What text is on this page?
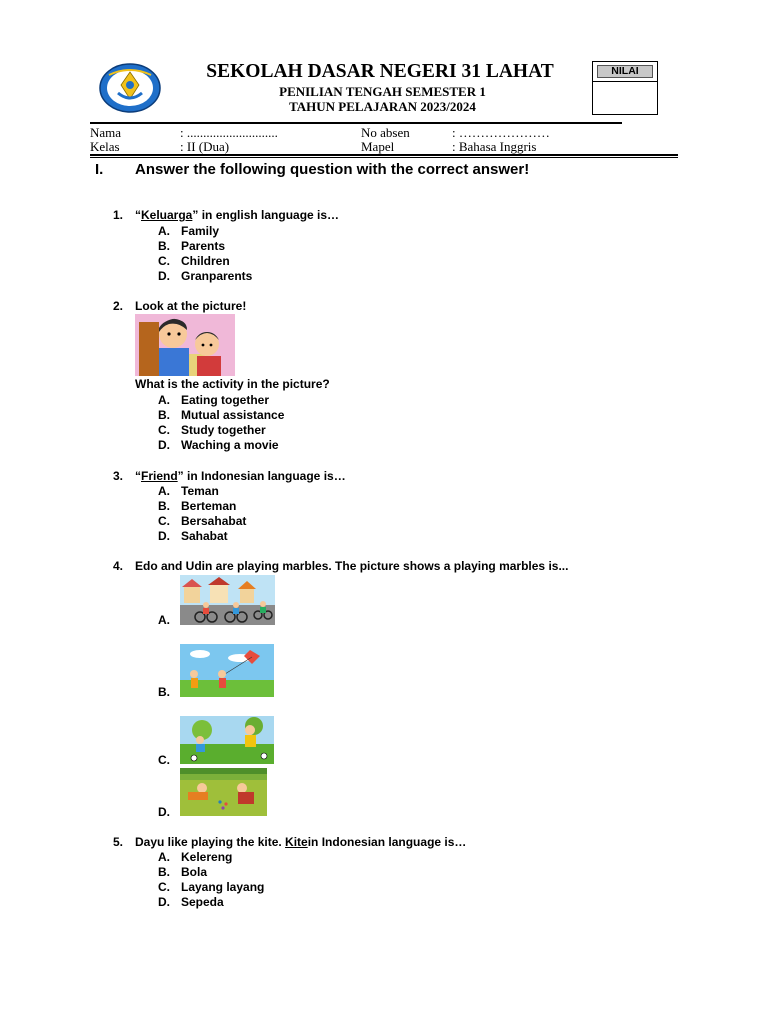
SEKOLAH DASAR NEGERI 31 LAHAT
PENILIAN TENGAH SEMESTER 1
TAHUN PELAJARAN 2023/2024
NILAI
Nama	: ............................	No absen	: …………………
Kelas	: II (Dua)	Mapel	: Bahasa Inggris
I. Answer the following question with the correct answer!
1. “Keluarga” in english language is…
A. Family
B. Parents
C. Children
D. Granparents
2. Look at the picture!
What is the activity in the picture?
A. Eating together
B. Mutual assistance
C. Study together
D. Waching a movie
3. “Friend” in Indonesian language is…
A. Teman
B. Berteman
C. Bersahabat
D. Sahabat
4. Edo and Udin are playing marbles. The picture shows a playing marbles is...
A.
B.
C.
D.
5. Dayu like playing the kite. Kitein Indonesian language is…
A. Kelereng
B. Bola
C. Layang layang
D. Sepeda
